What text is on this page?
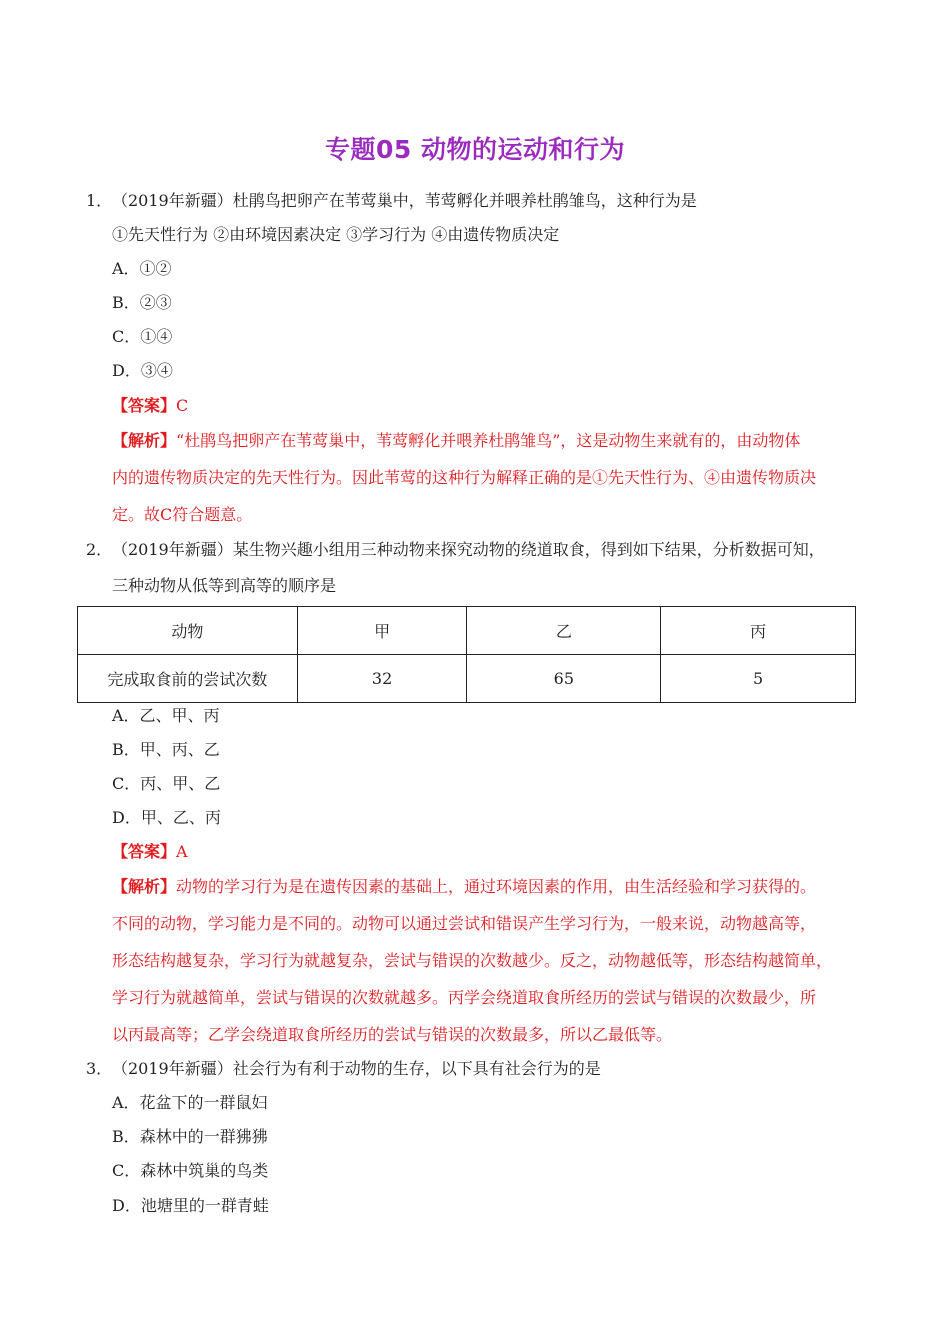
专题05 动物的运动和行为
1． （2019年新疆）杜鹃鸟把卵产在苇莺巢中，苇莺孵化并喂养杜鹃雏鸟，这种行为是
①先天性行为 ②由环境因素决定 ③学习行为 ④由遗传物质决定
A．①②
B．②③
C．①④
D．③④
【答案】C
【解析】“杜鹃鸟把卵产在苇莺巢中，苇莺孵化并喂养杜鹃雏鸟”，这是动物生来就有的，由动物体
内的遗传物质决定的先天性行为。因此苇莺的这种行为解释正确的是①先天性行为、④由遗传物质决
定。故C符合题意。
2． （2019年新疆）某生物兴趣小组用三种动物来探究动物的绕道取食，得到如下结果，分析数据可知，
三种动物从低等到高等的顺序是
动物	甲	乙	丙
完成取食前的尝试次数	32	65	5
A．乙、甲、丙
B．甲、丙、乙
C．丙、甲、乙
D．甲、乙、丙
【答案】A
【解析】动物的学习行为是在遗传因素的基础上，通过环境因素的作用，由生活经验和学习获得的。
不同的动物，学习能力是不同的。动物可以通过尝试和错误产生学习行为，一般来说，动物越高等，
形态结构越复杂，学习行为就越复杂，尝试与错误的次数越少。反之，动物越低等，形态结构越简单，
学习行为就越简单，尝试与错误的次数就越多。丙学会绕道取食所经历的尝试与错误的次数最少，所
以丙最高等；乙学会绕道取食所经历的尝试与错误的次数最多，所以乙最低等。
3． （2019年新疆）社会行为有利于动物的生存，以下具有社会行为的是
A．花盆下的一群鼠妇
B．森林中的一群狒狒
C．森林中筑巢的鸟类
D．池塘里的一群青蛙
